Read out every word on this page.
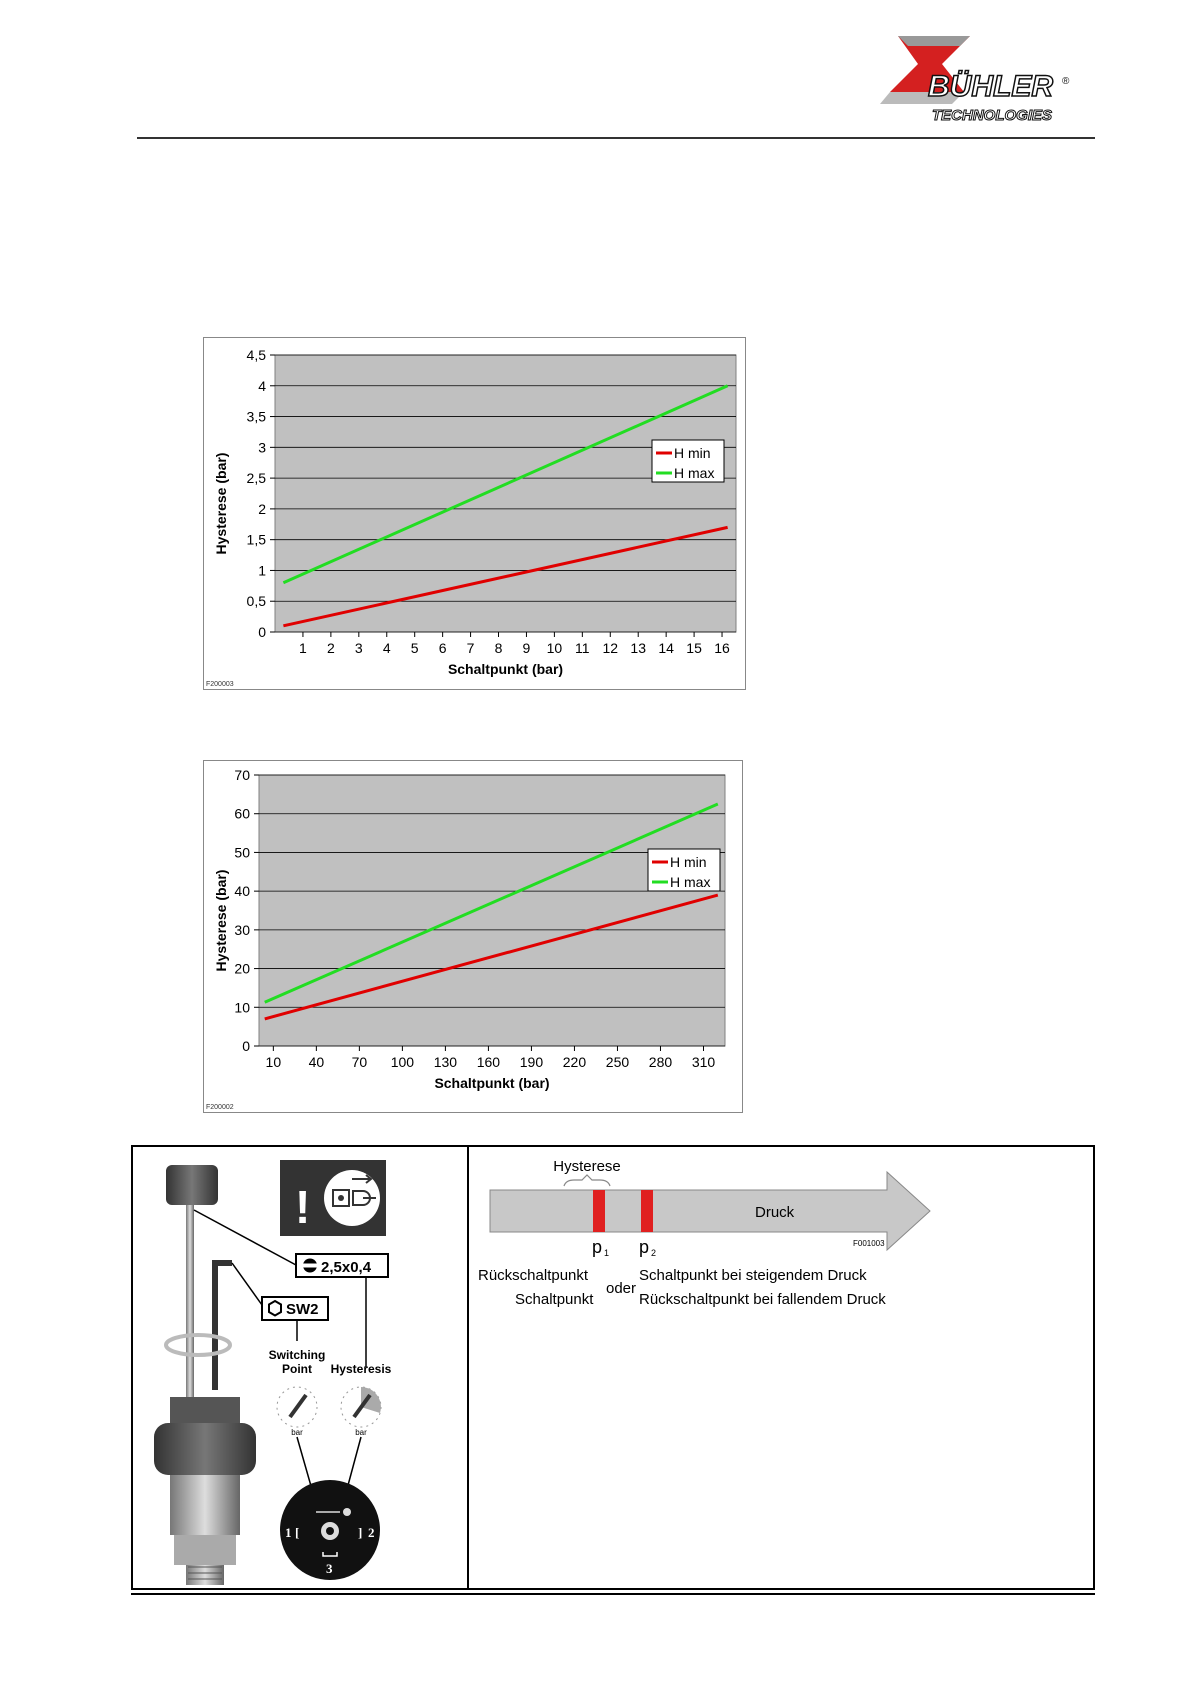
BÜHLER ®
TECHNOLOGIES
0
0,5
1
1,5
2
2,5
3
3,5
4
4,5
1 2 3 4 5 6 7 8 9 10 11 12 13 14 15 16
H min
H max
Schaltpunkt (bar)
Hysterese (bar)
F200003
0
10
20
30
40
50
60
70
10 40 70 100 130 160 190 220 250 280 310
H min
H max
Schaltpunkt (bar)
Hysterese (bar)
F200002
!
2,5x0,4
SW2
Switching
Point Hysteresis
bar	bar
[	]
1	2
3
Hysterese
Druck
F001003
p 1 p 2
Rückschaltpunkt
Schaltpunkt
oder
Schaltpunkt bei steigendem Druck
Rückschaltpunkt bei fallendem Druck
